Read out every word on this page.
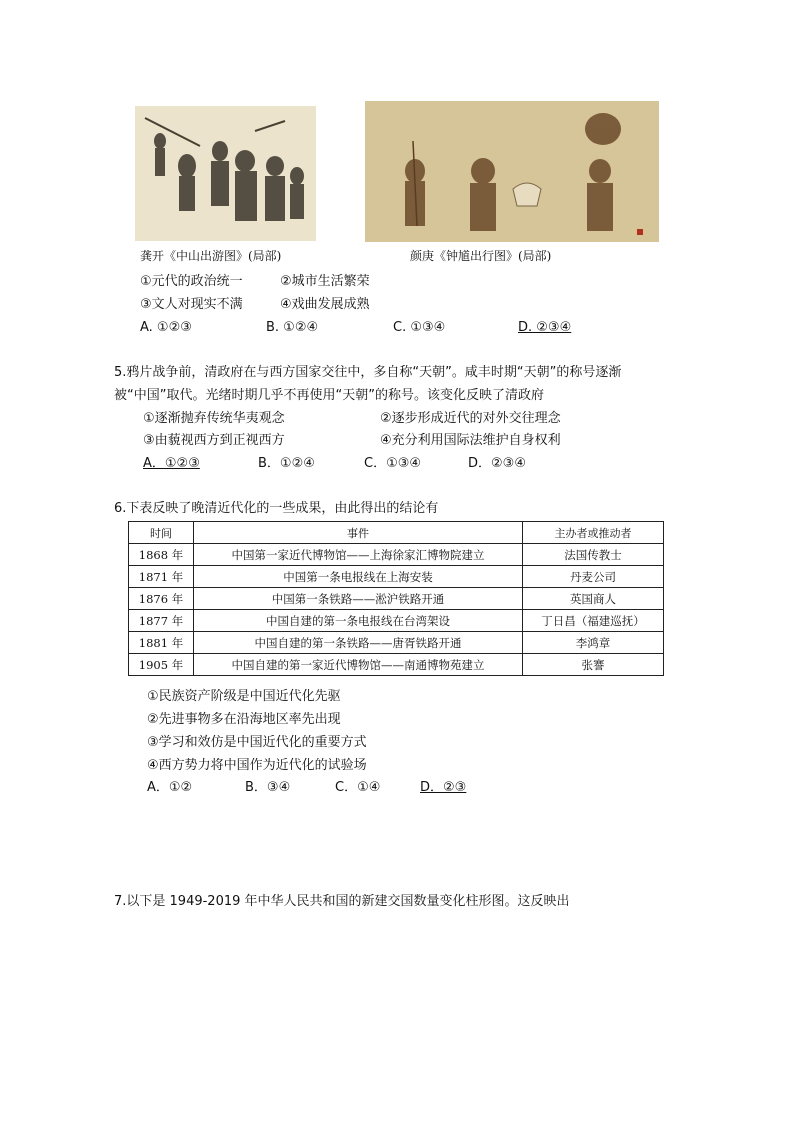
龚开《中山出游图》(局部)	颜庚《钟馗出行图》(局部)
①元代的政治统一	②城市生活繁荣
③文人对现实不满	④戏曲发展成熟
A. ①②③	B. ①②④	C. ①③④	D. ②③④
5.鸦片战争前，清政府在与西方国家交往中，多自称“天朝”。咸丰时期“天朝”的称号逐渐
被“中国”取代。光绪时期几乎不再使用“天朝”的称号。该变化反映了清政府
①逐渐抛弃传统华夷观念	②逐步形成近代的对外交往理念
③由藐视西方到正视西方	④充分利用国际法维护自身权利
A．①②③	B．①②④	C．①③④	D．②③④
6.下表反映了晚清近代化的一些成果，由此得出的结论有
时间	事件	主办者或推动者
1868 年	中国第一家近代博物馆——上海徐家汇博物院建立	法国传教士
1871 年	中国第一条电报线在上海安装	丹麦公司
1876 年	中国第一条铁路——淞沪铁路开通	英国商人
1877 年	中国自建的第一条电报线在台湾架设	丁日昌（福建巡抚）
1881 年	中国自建的第一条铁路——唐胥铁路开通	李鸿章
1905 年	中国自建的第一家近代博物馆——南通博物苑建立	张謇
①民族资产阶级是中国近代化先驱
②先进事物多在沿海地区率先出现
③学习和效仿是中国近代化的重要方式
④西方势力将中国作为近代化的试验场
A．①②	B．③④	C．①④	D．②③
7.以下是 1949-2019 年中华人民共和国的新建交国数量变化柱形图。这反映出
